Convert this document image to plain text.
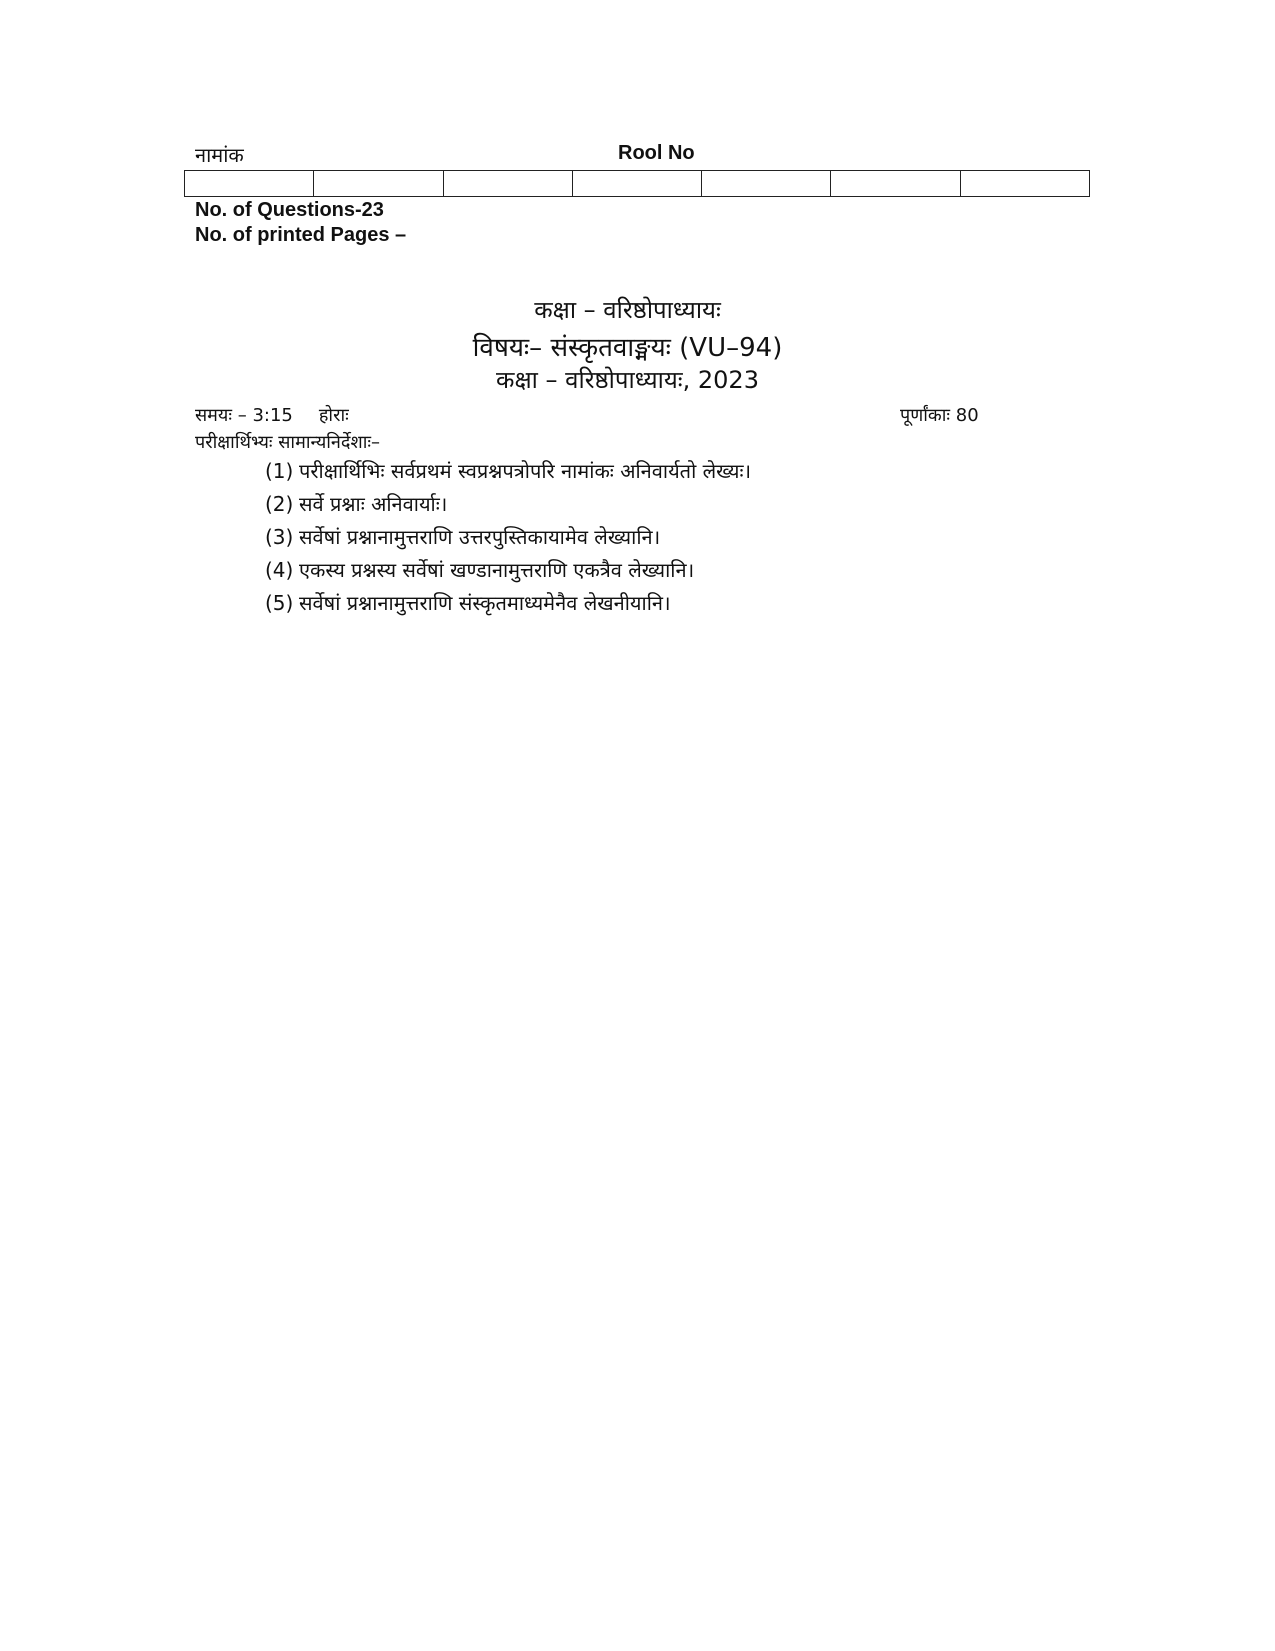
नामांक	Rool No
No. of Questions-23
No. of printed Pages –
कक्षा – वरिष्ठोपाध्यायः
विषयः– संस्कृतवाङ्मयः (VU–94)
कक्षा – वरिष्ठोपाध्यायः, 2023
समयः – 3:15 होराः	पूर्णांकाः 80
परीक्षार्थिभ्यः सामान्यनिर्देशाः–
(1) परीक्षार्थिभिः सर्वप्रथमं स्वप्रश्नपत्रोपरि नामांकः अनिवार्यतो लेख्यः।
(2) सर्वे प्रश्नाः अनिवार्याः।
(3) सर्वेषां प्रश्नानामुत्तराणि उत्तरपुस्तिकायामेव लेख्यानि।
(4) एकस्य प्रश्नस्य सर्वेषां खण्डानामुत्तराणि एकत्रैव लेख्यानि।
(5) सर्वेषां प्रश्नानामुत्तराणि संस्कृतमाध्यमेनैव लेखनीयानि।
